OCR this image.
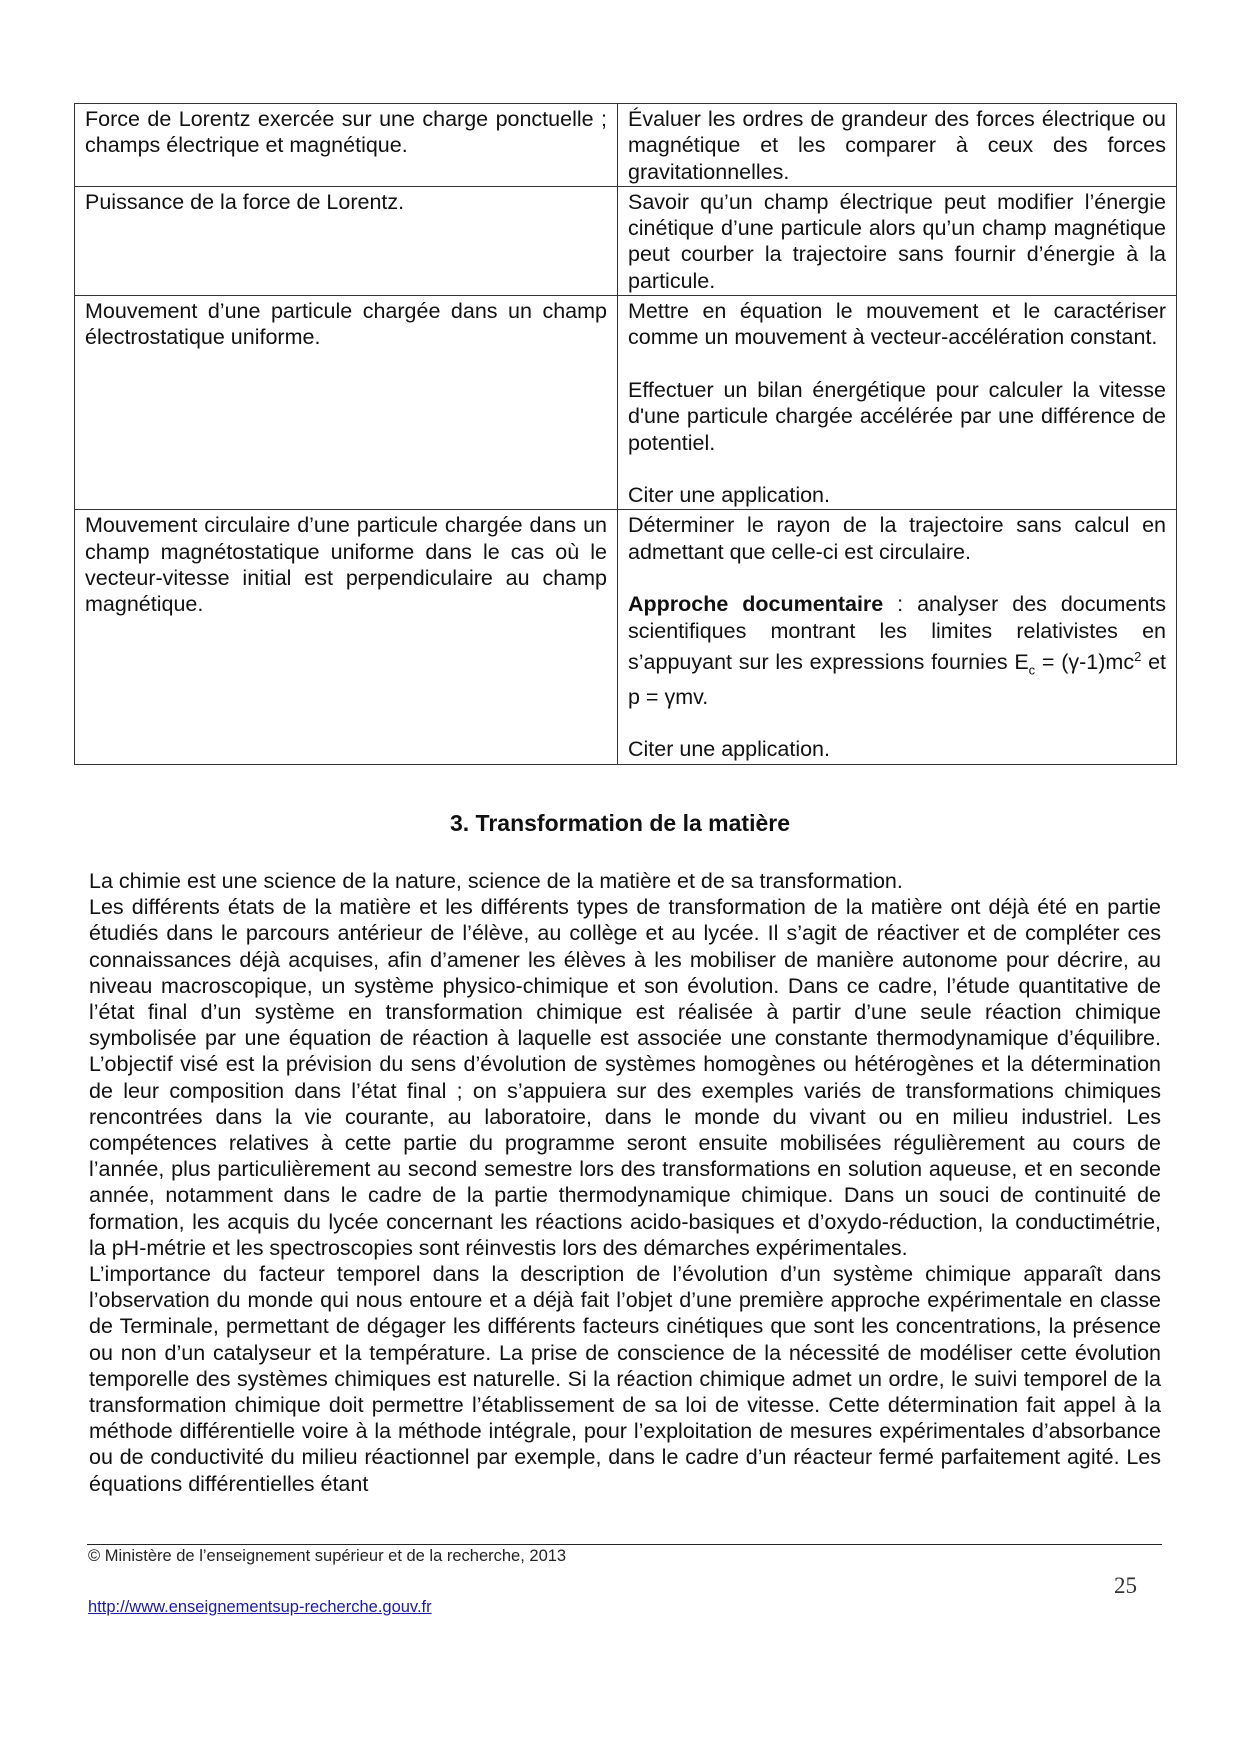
Force de Lorentz exercée sur une charge ponctuelle ; champs électrique et magnétique.	Évaluer les ordres de grandeur des forces électrique ou magnétique et les comparer à ceux des forces gravitationnelles.

Puissance de la force de Lorentz.	Savoir qu’un champ électrique peut modifier l’énergie cinétique d’une particule alors qu’un champ magnétique peut courber la trajectoire sans fournir d’énergie à la particule.

Mouvement d’une particule chargée dans un champ électrostatique uniforme.	Mettre en équation le mouvement et le caractériser comme un mouvement à vecteur-accélération constant.

Effectuer un bilan énergétique pour calculer la vitesse d'une particule chargée accélérée par une différence de potentiel.

Citer une application.

Mouvement circulaire d’une particule chargée dans un champ magnétostatique uniforme dans le cas où le vecteur-vitesse initial est perpendiculaire au champ magnétique.	Déterminer le rayon de la trajectoire sans calcul en admettant que celle-ci est circulaire.

Approche documentaire : analyser des documents scientifiques montrant les limites relativistes en s’appuyant sur les expressions fournies $E_c = (\gamma-1)mc^2$ et p = γmv.

Citer une application.

3. Transformation de la matière

La chimie est une science de la nature, science de la matière et de sa transformation.

Les différents états de la matière et les différents types de transformation de la matière ont déjà été en partie étudiés dans le parcours antérieur de l’élève, au collège et au lycée. Il s’agit de réactiver et de compléter ces connaissances déjà acquises, afin d’amener les élèves à les mobiliser de manière autonome pour décrire, au niveau macroscopique, un système physico-chimique et son évolution. Dans ce cadre, l’étude quantitative de l’état final d’un système en transformation chimique est réalisée à partir d’une seule réaction chimique symbolisée par une équation de réaction à laquelle est associée une constante thermodynamique d’équilibre. L’objectif visé est la prévision du sens d’évolution de systèmes homogènes ou hétérogènes et la détermination de leur composition dans l’état final ; on s’appuiera sur des exemples variés de transformations chimiques rencontrées dans la vie courante, au laboratoire, dans le monde du vivant ou en milieu industriel. Les compétences relatives à cette partie du programme seront ensuite mobilisées régulièrement au cours de l’année, plus particulièrement au second semestre lors des transformations en solution aqueuse, et en seconde année, notamment dans le cadre de la partie thermodynamique chimique. Dans un souci de continuité de formation, les acquis du lycée concernant les réactions acido-basiques et d’oxydo-réduction, la conductimétrie, la pH-métrie et les spectroscopies sont réinvestis lors des démarches expérimentales.

L’importance du facteur temporel dans la description de l’évolution d’un système chimique apparaît dans l’observation du monde qui nous entoure et a déjà fait l’objet d’une première approche expérimentale en classe de Terminale, permettant de dégager les différents facteurs cinétiques que sont les concentrations, la présence ou non d’un catalyseur et la température. La prise de conscience de la nécessité de modéliser cette évolution temporelle des systèmes chimiques est naturelle. Si la réaction chimique admet un ordre, le suivi temporel de la transformation chimique doit permettre l’établissement de sa loi de vitesse. Cette détermination fait appel à la méthode différentielle voire à la méthode intégrale, pour l’exploitation de mesures expérimentales d’absorbance ou de conductivité du milieu réactionnel par exemple, dans le cadre d’un réacteur fermé parfaitement agité. Les équations différentielles étant

© Ministère de l’enseignement supérieur et de la recherche, 2013
25
http://www.enseignementsup-recherche.gouv.fr
